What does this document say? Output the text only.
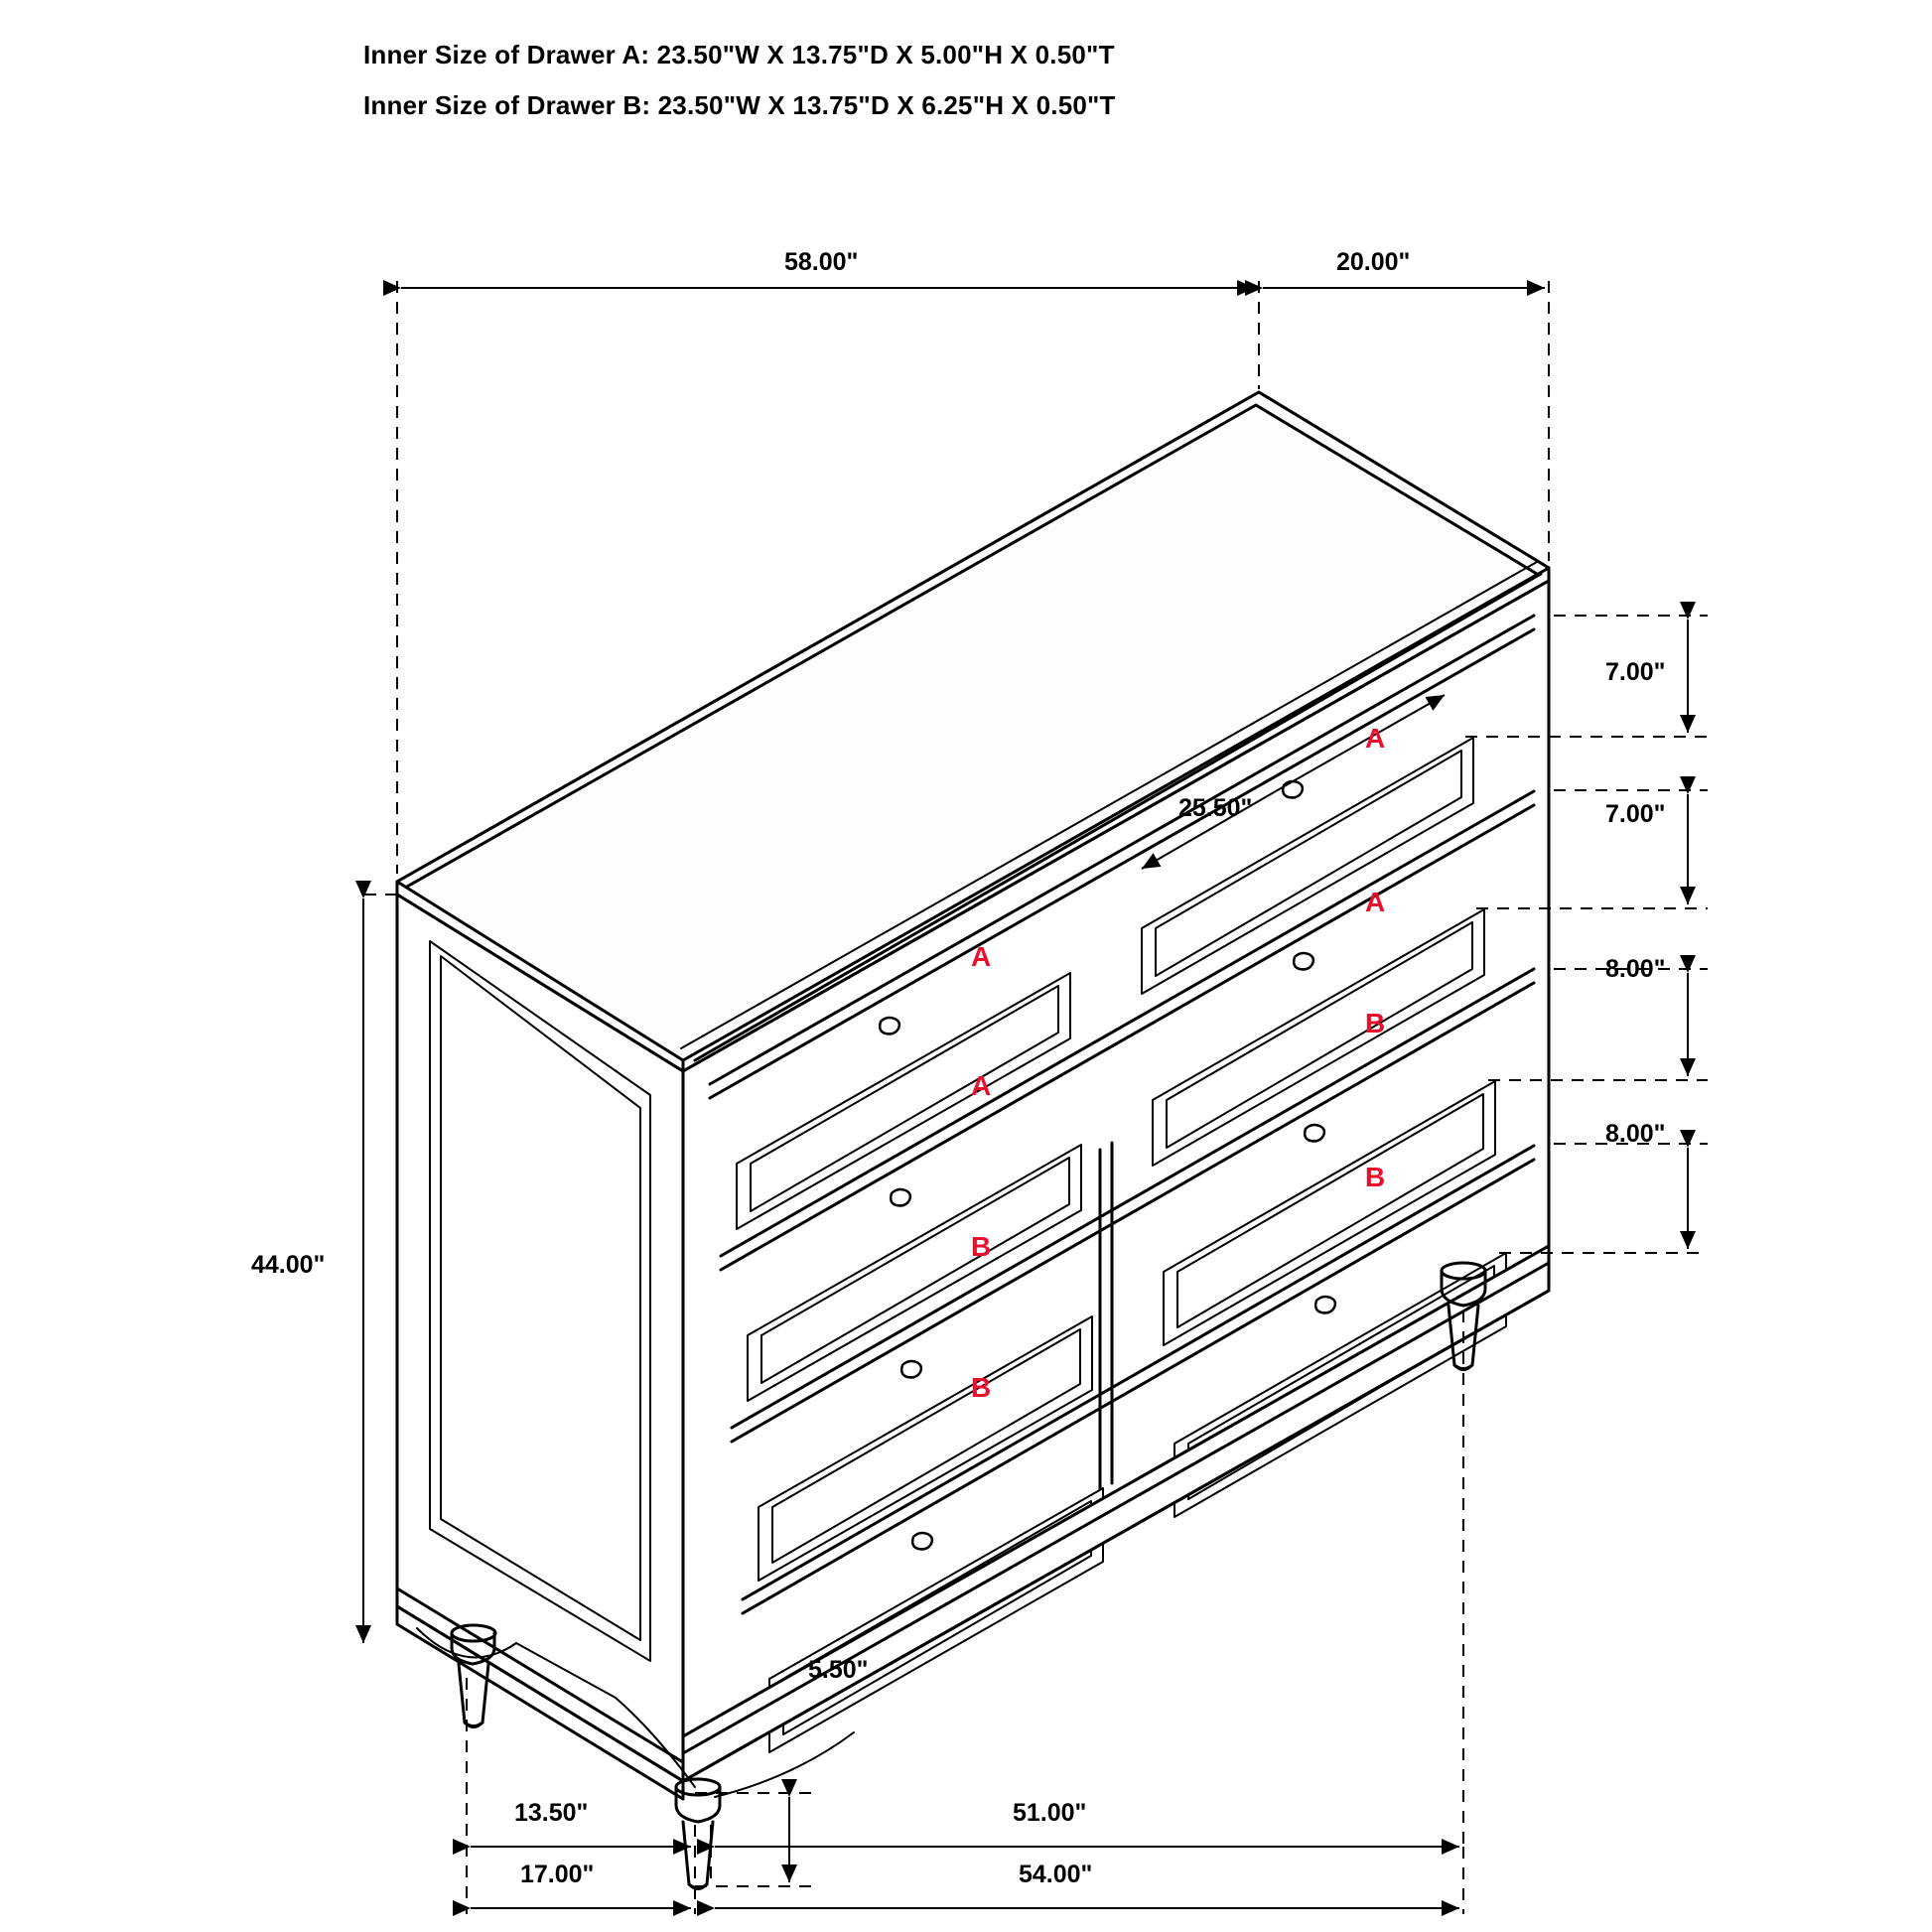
Inner Size of Drawer A: 23.50"W X 13.75"D X 5.00"H X 0.50"T
Inner Size of Drawer B: 23.50"W X 13.75"D X 6.25"H X 0.50"T
58.00"	20.00"
7.00"
7.00"
8.00"
8.00"
25.50"
44.00"
5.50"
13.50"	51.00"
17.00"	54.00"
A
A
B
B
A
A
B
B
